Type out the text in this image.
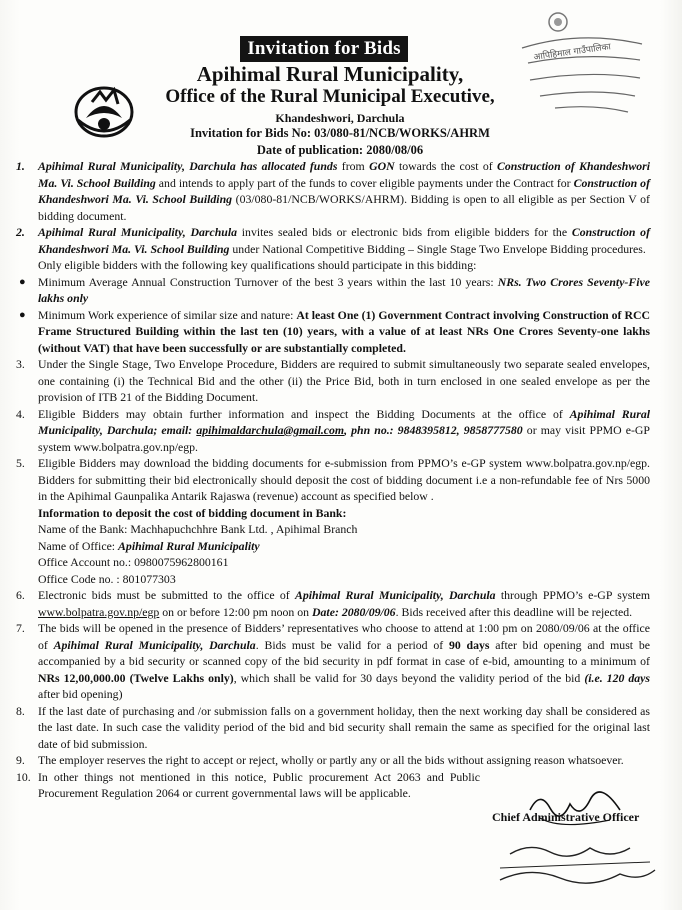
आपिहिमाल गाउँपालिका
Invitation for Bids
Apihimal Rural Municipality,
Office of the Rural Municipal Executive,
Khandeshwori, Darchula
Invitation for Bids No: 03/080-81/NCB/WORKS/AHRM
Date of publication: 2080/08/06
1.	Apihimal Rural Municipality, Darchula has allocated funds from GON towards the cost of Construction of Khandeshwori Ma. Vi. School Building and intends to apply part of the funds to cover eligible payments under the Contract for Construction of Khandeshwori Ma. Vi. School Building (03/080-81/NCB/WORKS/AHRM). Bidding is open to all eligible as per Section V of bidding document.
2.	Apihimal Rural Municipality, Darchula invites sealed bids or electronic bids from eligible bidders for the Construction of Khandeshwori Ma. Vi. School Building under National Competitive Bidding – Single Stage Two Envelope Bidding procedures.
Only eligible bidders with the following key qualifications should participate in this bidding:
● Minimum Average Annual Construction Turnover of the best 3 years within the last 10 years: NRs. Two Crores Seventy-Five lakhs only
● Minimum Work experience of similar size and nature: At least One (1) Government Contract involving Construction of RCC Frame Structured Building within the last ten (10) years, with a value of at least NRs One Crores Seventy-one lakhs (without VAT) that have been successfully or are substantially completed.
3.	Under the Single Stage, Two Envelope Procedure, Bidders are required to submit simultaneously two separate sealed envelopes, one containing (i) the Technical Bid and the other (ii) the Price Bid, both in turn enclosed in one sealed envelope as per the provision of ITB 21 of the Bidding Document.
4.	Eligible Bidders may obtain further information and inspect the Bidding Documents at the office of Apihimal Rural Municipality, Darchula; email: apihimaldarchula@gmail.com, phn no.: 9848395812, 9858777580 or may visit PPMO e-GP system www.bolpatra.gov.np/egp.
5.	Eligible Bidders may download the bidding documents for e-submission from PPMO’s e-GP system www.bolpatra.gov.np/egp. Bidders for submitting their bid electronically should deposit the cost of bidding document i.e a non-refundable fee of Nrs 5000 in the Apihimal Gaunpalika Antarik Rajaswa (revenue) account as specified below .
Information to deposit the cost of bidding document in Bank:
Name of the Bank: Machhapuchchhre Bank Ltd. , Apihimal Branch
Name of Office: Apihimal Rural Municipality
Office Account no.: 0980075962800161
Office Code no. : 801077303
6.	Electronic bids must be submitted to the office of Apihimal Rural Municipality, Darchula through PPMO’s e-GP system www.bolpatra.gov.np/egp on or before 12:00 pm noon on Date: 2080/09/06. Bids received after this deadline will be rejected.
7.	The bids will be opened in the presence of Bidders’ representatives who choose to attend at 1:00 pm on 2080/09/06 at the office of Apihimal Rural Municipality, Darchula. Bids must be valid for a period of 90 days after bid opening and must be accompanied by a bid security or scanned copy of the bid security in pdf format in case of e-bid, amounting to a minimum of NRs 12,00,000.00 (Twelve Lakhs only), which shall be valid for 30 days beyond the validity period of the bid (i.e. 120 days after bid opening)
8.	If the last date of purchasing and /or submission falls on a government holiday, then the next working day shall be considered as the last date. In such case the validity period of the bid and bid security shall remain the same as specified for the original last date of bid submission.
9.	The employer reserves the right to accept or reject, wholly or partly any or all the bids without assigning reason whatsoever.
10. In other things not mentioned in this notice, Public procurement Act 2063 and Public Procurement Regulation 2064 or current governmental laws will be applicable.
Chief Administrative Officer
